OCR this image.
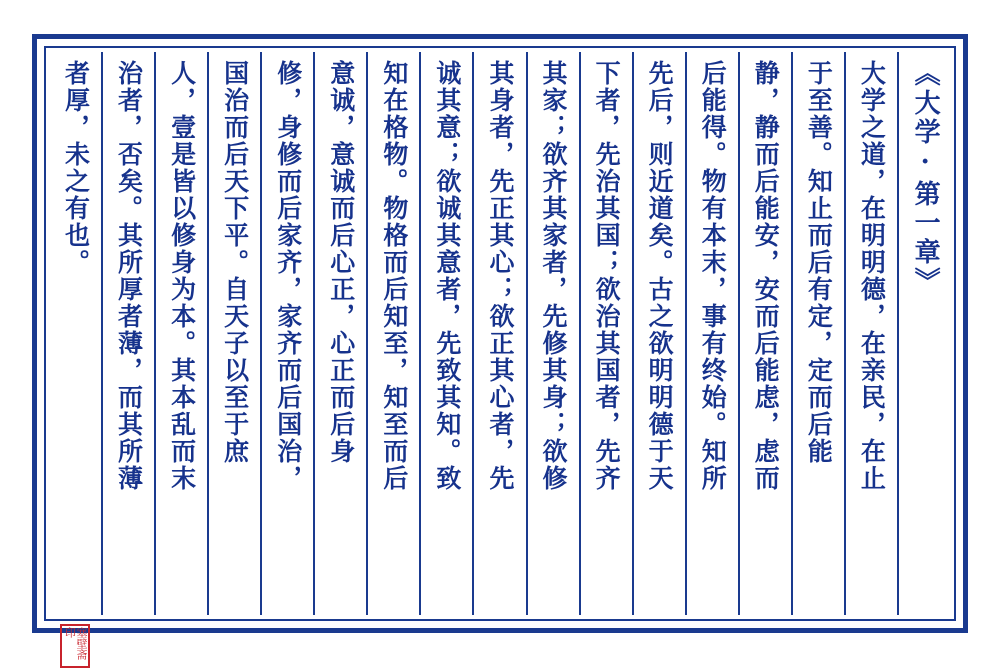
《大学·第一章》
大学之道，在明明德，在亲民，在止
于至善。知止而后有定，定而后能
静，静而后能安，安而后能虑，虑而
后能得。物有本末，事有终始。知所
先后，则近道矣。古之欲明明德于天
下者，先治其国；欲治其国者，先齐
其家；欲齐其家者，先修其身；欲修
其身者，先正其心；欲正其心者，先
诚其意；欲诚其意者，先致其知。致
知在格物。物格而后知至，知至而后
意诚，意诚而后心正，心正而后身
修，身修而后家齐，家齐而后国治，
国治而后天下平。自天子以至于庶
人，壹是皆以修身为本。其本乱而末
治者，否矣。其所厚者薄，而其所薄
者厚，未之有也。
塞壁斋印
